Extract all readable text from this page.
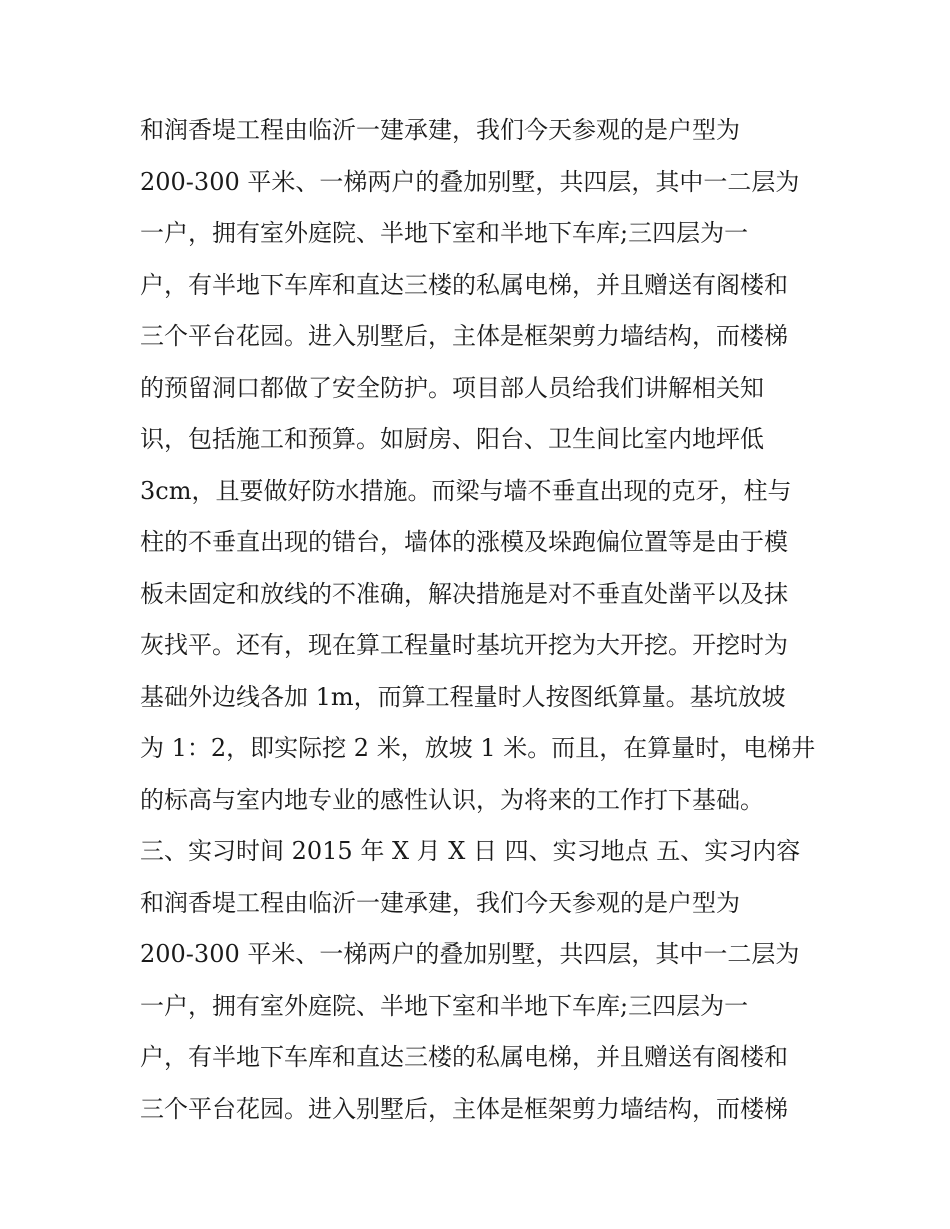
和润香堤工程由临沂一建承建，我们今天参观的是户型为
200-300 平米、一梯两户的叠加别墅，共四层，其中一二层为
一户，拥有室外庭院、半地下室和半地下车库;三四层为一
户，有半地下车库和直达三楼的私属电梯，并且赠送有阁楼和
三个平台花园。进入别墅后，主体是框架剪力墙结构，而楼梯
的预留洞口都做了安全防护。项目部人员给我们讲解相关知
识，包括施工和预算。如厨房、阳台、卫生间比室内地坪低
3cm，且要做好防水措施。而梁与墙不垂直出现的克牙，柱与
柱的不垂直出现的错台，墙体的涨模及垛跑偏位置等是由于模
板未固定和放线的不准确，解决措施是对不垂直处凿平以及抹
灰找平。还有，现在算工程量时基坑开挖为大开挖。开挖时为
基础外边线各加 1m，而算工程量时人按图纸算量。基坑放坡
为 1：2，即实际挖 2 米，放坡 1 米。而且，在算量时，电梯井
的标高与室内地专业的感性认识，为将来的工作打下基础。
三、实习时间 2015 年 X 月 X 日 四、实习地点 五、实习内容
和润香堤工程由临沂一建承建，我们今天参观的是户型为
200-300 平米、一梯两户的叠加别墅，共四层，其中一二层为
一户，拥有室外庭院、半地下室和半地下车库;三四层为一
户，有半地下车库和直达三楼的私属电梯，并且赠送有阁楼和
三个平台花园。进入别墅后，主体是框架剪力墙结构，而楼梯
